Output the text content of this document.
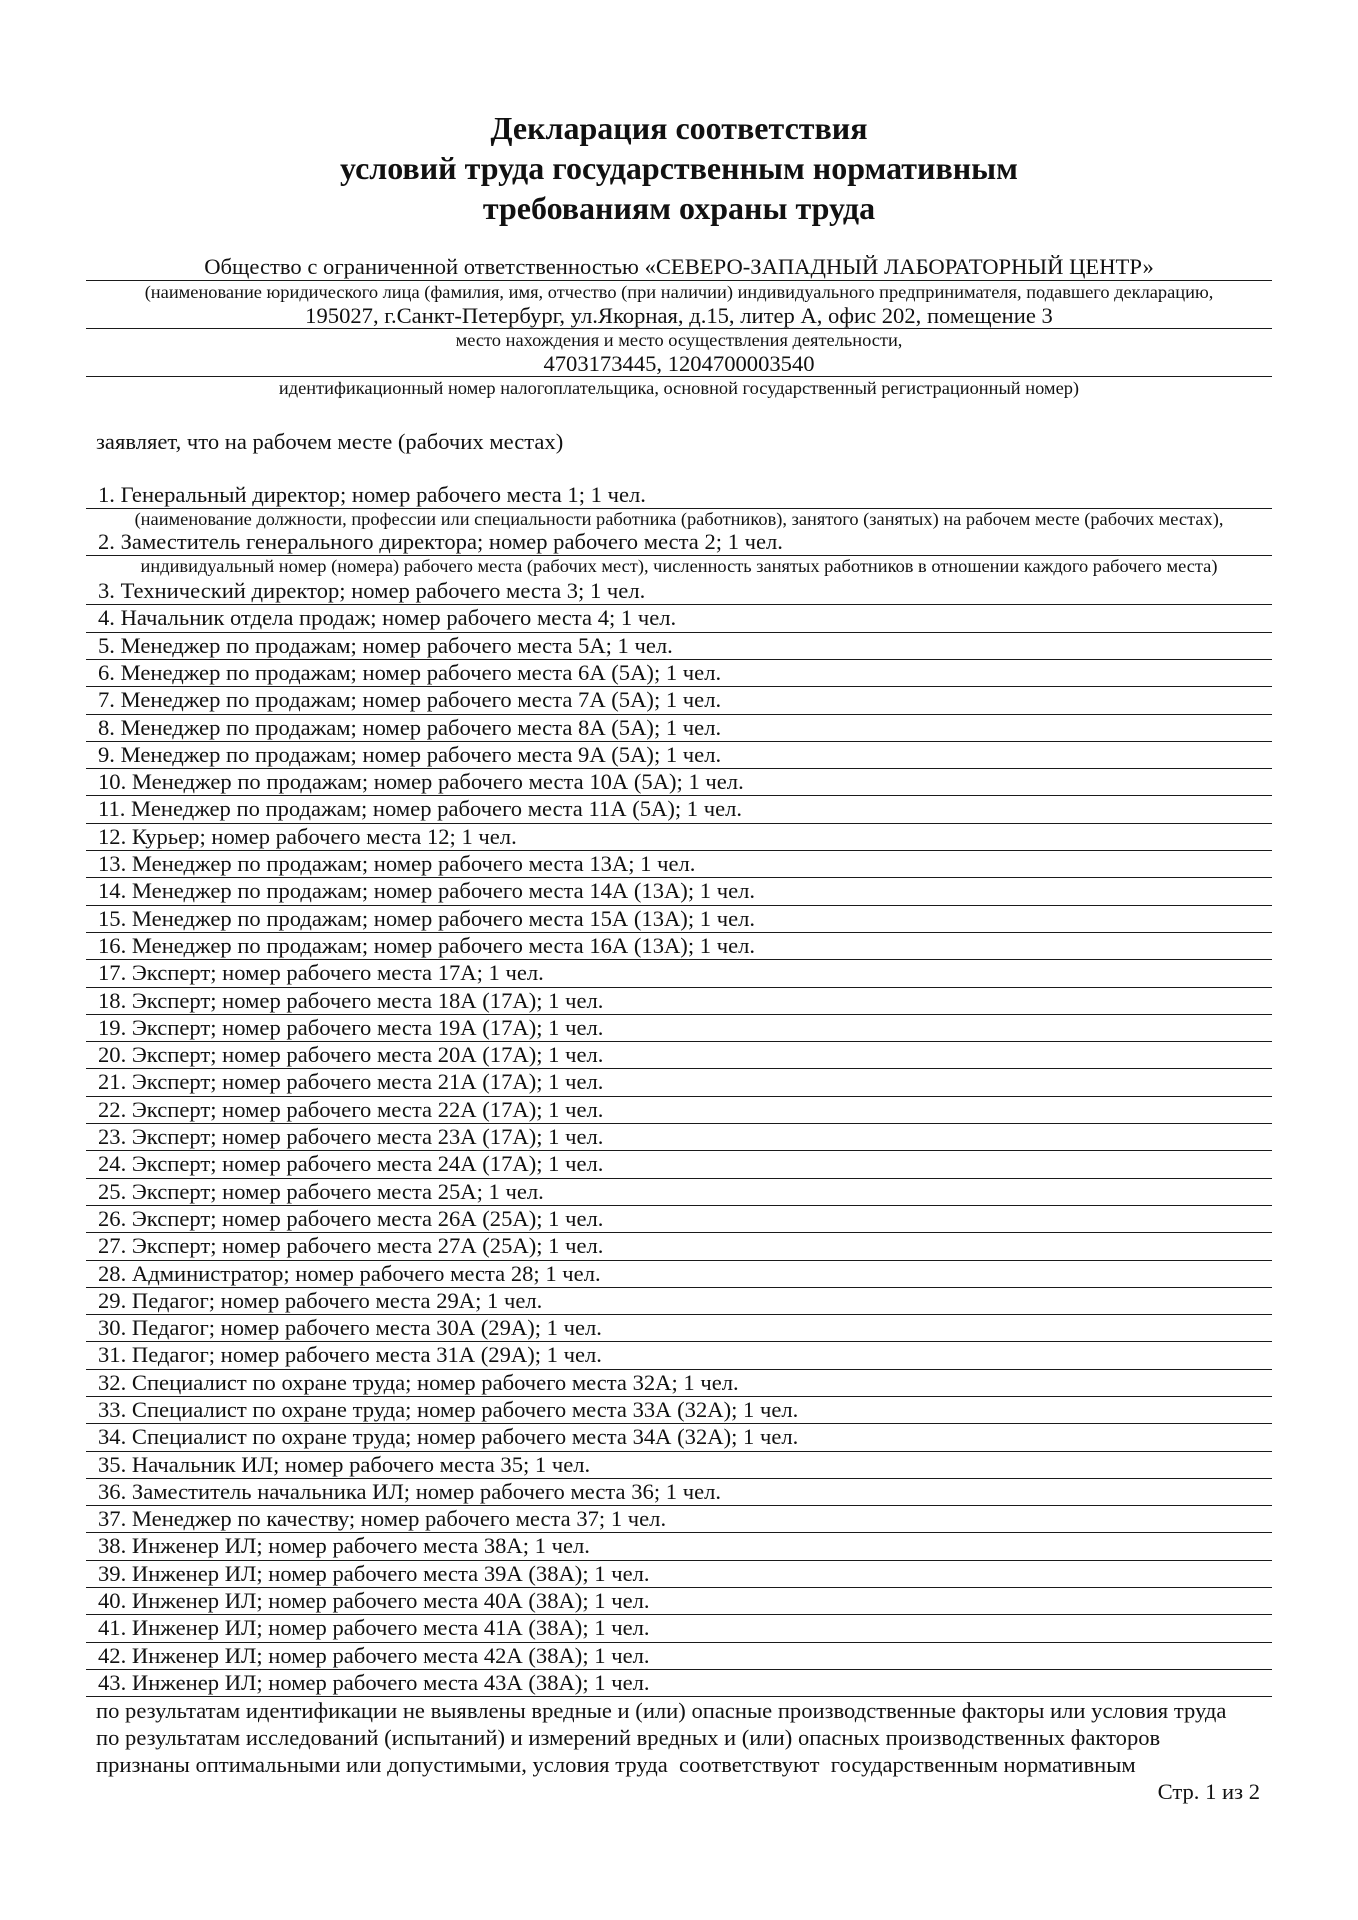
Декларация соответствия
условий труда государственным нормативным
требованиям охраны труда
Общество с ограниченной ответственностью «СЕВЕРО-ЗАПАДНЫЙ ЛАБОРАТОРНЫЙ ЦЕНТР»
(наименование юридического лица (фамилия, имя, отчество (при наличии) индивидуального предпринимателя, подавшего декларацию,
195027, г.Санкт-Петербург, ул.Якорная, д.15, литер А, офис 202, помещение 3
место нахождения и место осуществления деятельности,
4703173445, 1204700003540
идентификационный номер налогоплательщика, основной государственный регистрационный номер)
заявляет, что на рабочем месте (рабочих местах)
1. Генеральный директор; номер рабочего места 1; 1 чел.
(наименование должности, профессии или специальности работника (работников), занятого (занятых) на рабочем месте (рабочих местах),
2. Заместитель генерального директора; номер рабочего места 2; 1 чел.
индивидуальный номер (номера) рабочего места (рабочих мест), численность занятых работников в отношении каждого рабочего места)
3. Технический директор; номер рабочего места 3; 1 чел.
4. Начальник отдела продаж; номер рабочего места 4; 1 чел.
5. Менеджер по продажам; номер рабочего места 5А; 1 чел.
6. Менеджер по продажам; номер рабочего места 6А (5А); 1 чел.
7. Менеджер по продажам; номер рабочего места 7А (5А); 1 чел.
8. Менеджер по продажам; номер рабочего места 8А (5А); 1 чел.
9. Менеджер по продажам; номер рабочего места 9А (5А); 1 чел.
10. Менеджер по продажам; номер рабочего места 10А (5А); 1 чел.
11. Менеджер по продажам; номер рабочего места 11А (5А); 1 чел.
12. Курьер; номер рабочего места 12; 1 чел.
13. Менеджер по продажам; номер рабочего места 13А; 1 чел.
14. Менеджер по продажам; номер рабочего места 14А (13А); 1 чел.
15. Менеджер по продажам; номер рабочего места 15А (13А); 1 чел.
16. Менеджер по продажам; номер рабочего места 16А (13А); 1 чел.
17. Эксперт; номер рабочего места 17А; 1 чел.
18. Эксперт; номер рабочего места 18А (17А); 1 чел.
19. Эксперт; номер рабочего места 19А (17А); 1 чел.
20. Эксперт; номер рабочего места 20А (17А); 1 чел.
21. Эксперт; номер рабочего места 21А (17А); 1 чел.
22. Эксперт; номер рабочего места 22А (17А); 1 чел.
23. Эксперт; номер рабочего места 23А (17А); 1 чел.
24. Эксперт; номер рабочего места 24А (17А); 1 чел.
25. Эксперт; номер рабочего места 25А; 1 чел.
26. Эксперт; номер рабочего места 26А (25А); 1 чел.
27. Эксперт; номер рабочего места 27А (25А); 1 чел.
28. Администратор; номер рабочего места 28; 1 чел.
29. Педагог; номер рабочего места 29А; 1 чел.
30. Педагог; номер рабочего места 30А (29А); 1 чел.
31. Педагог; номер рабочего места 31А (29А); 1 чел.
32. Специалист по охране труда; номер рабочего места 32А; 1 чел.
33. Специалист по охране труда; номер рабочего места 33А (32А); 1 чел.
34. Специалист по охране труда; номер рабочего места 34А (32А); 1 чел.
35. Начальник ИЛ; номер рабочего места 35; 1 чел.
36. Заместитель начальника ИЛ; номер рабочего места 36; 1 чел.
37. Менеджер по качеству; номер рабочего места 37; 1 чел.
38. Инженер ИЛ; номер рабочего места 38А; 1 чел.
39. Инженер ИЛ; номер рабочего места 39А (38А); 1 чел.
40. Инженер ИЛ; номер рабочего места 40А (38А); 1 чел.
41. Инженер ИЛ; номер рабочего места 41А (38А); 1 чел.
42. Инженер ИЛ; номер рабочего места 42А (38А); 1 чел.
43. Инженер ИЛ; номер рабочего места 43А (38А); 1 чел.
по результатам идентификации не выявлены вредные и (или) опасные производственные факторы или условия труда
по результатам исследований (испытаний) и измерений вредных и (или) опасных производственных факторов
признаны оптимальными или допустимыми, условия труда  соответствуют  государственным нормативным
Стр. 1 из 2
